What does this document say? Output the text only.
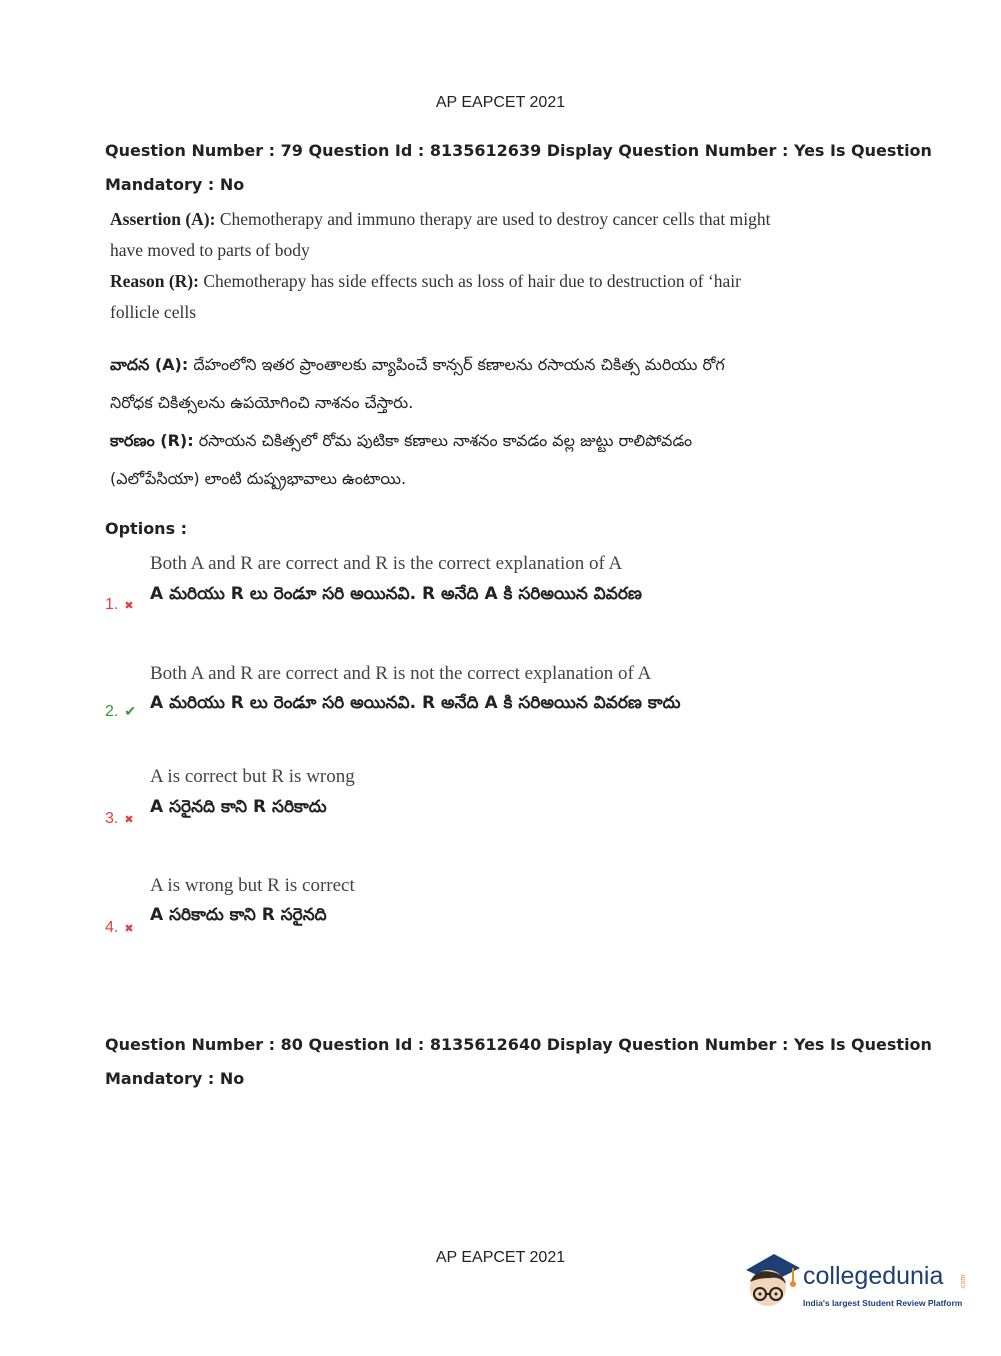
AP EAPCET 2021
Question Number : 79 Question Id : 8135612639 Display Question Number : Yes Is Question
Mandatory : No
Assertion (A): Chemotherapy and immuno therapy are used to destroy cancer cells that might
have moved to parts of body
Reason (R): Chemotherapy has side effects such as loss of hair due to destruction of ‘hair
follicle cells
వాదన (A): దేహంలోని ఇతర ప్రాంతాలకు వ్యాపించే కాన్సర్ కణాలను రసాయన చికిత్స మరియు రోగ
నిరోధక చికిత్సలను ఉపయోగించి నాశనం చేస్తారు.
కారణం (R): రసాయన చికిత్సలో రోమ పుటికా కణాలు నాశనం కావడం వల్ల జుట్టు రాలిపోవడం
(ఎలోపేసియా) లాంటి దుష్ప్రభావాలు ఉంటాయి.
Options :
Both A and R are correct and R is the correct explanation of A
A మరియు R లు రెండూ సరి అయినవి. R అనేది A కి సరిఅయిన వివరణ
1. ✖
Both A and R are correct and R is not the correct explanation of A
A మరియు R లు రెండూ సరి అయినవి. R అనేది A కి సరిఅయిన వివరణ కాదు
2. ✔
A is correct but R is wrong
A సరైనది కాని R సరికాదు
3. ✖
A is wrong but R is correct
A సరికాదు కాని R సరైనది
4. ✖
Question Number : 80 Question Id : 8135612640 Display Question Number : Yes Is Question
Mandatory : No
AP EAPCET 2021
collegedunia .com
India's largest Student Review Platform
